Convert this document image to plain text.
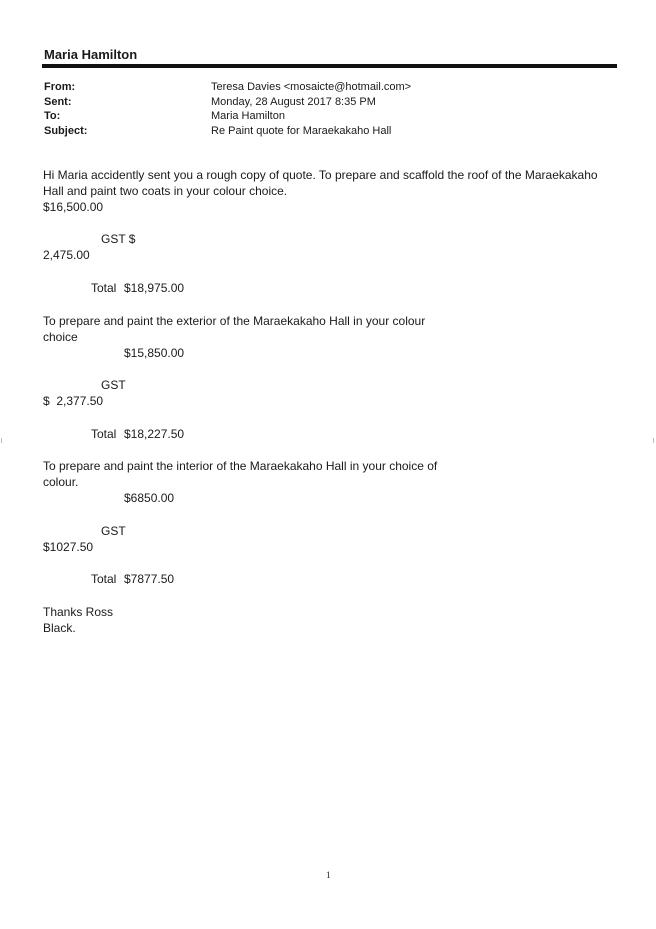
Maria Hamilton
From:	Teresa Davies <mosaicte@hotmail.com>
Sent:	Monday, 28 August 2017 8:35 PM
To:	Maria Hamilton
Subject:	Re Paint quote for Maraekakaho Hall
Hi Maria accidently sent you a rough copy of quote. To prepare and scaffold the roof of the Maraekakaho
Hall and paint two coats in your colour choice.
$16,500.00
GST $
2,475.00
Total $18,975.00
To prepare and paint the exterior of the Maraekakaho Hall in your colour
choice
$15,850.00
GST
$  2,377.50
Total $18,227.50
To prepare and paint the interior of the Maraekakaho Hall in your choice of
colour.
$6850.00
GST
$1027.50
Total $7877.50
Thanks Ross
Black.
1
